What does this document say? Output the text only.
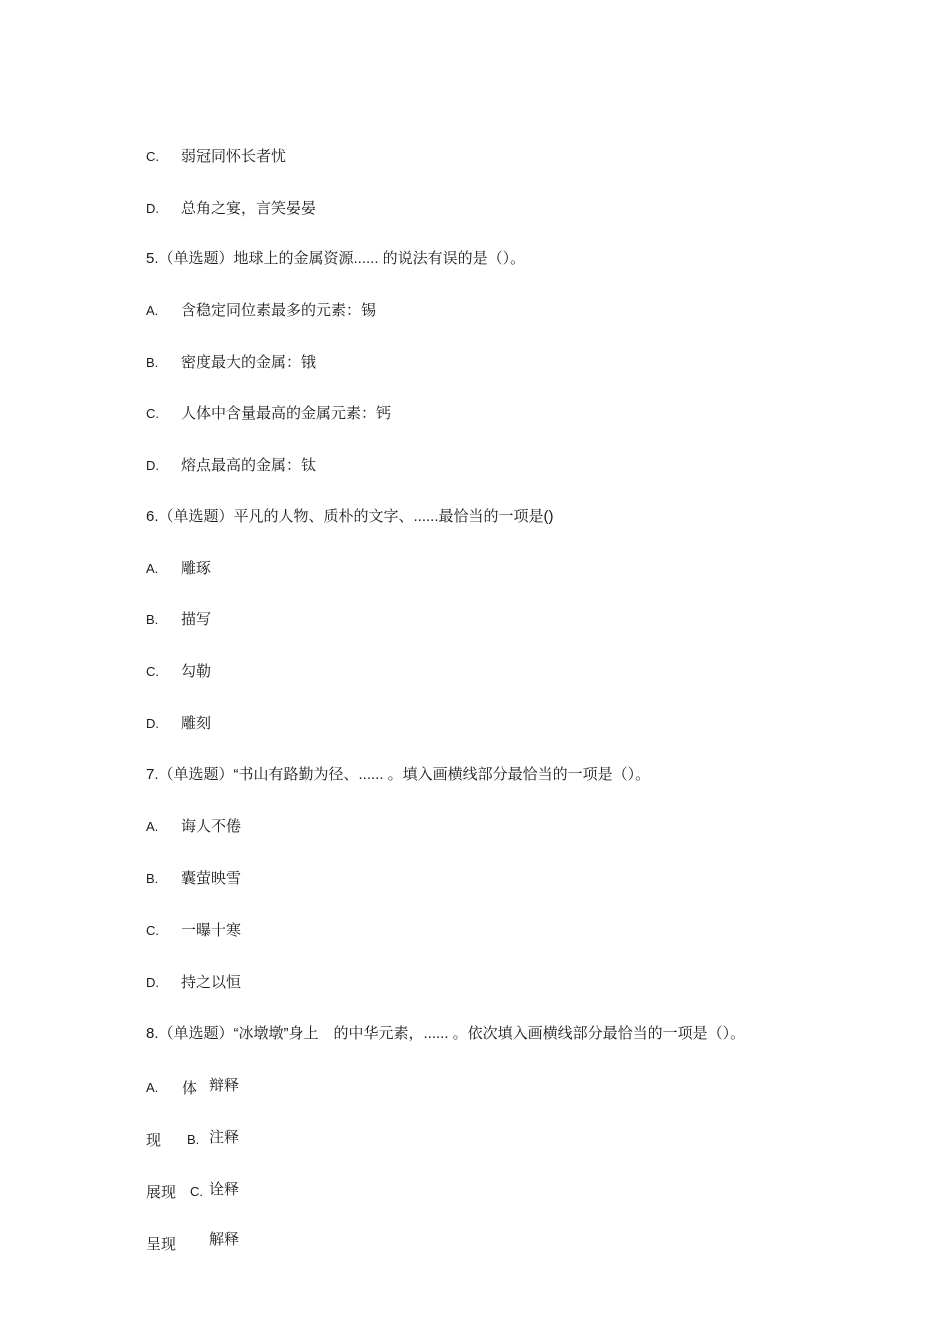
C. 弱冠同怀长者忧
D. 总角之宴，言笑晏晏
5.（单选题）地球上的金属资源...... 的说法有误的是（）。
A. 含稳定同位素最多的元素：锡
B. 密度最大的金属：锇
C. 人体中含量最高的金属元素：钙
D. 熔点最高的金属：钛
6.（单选题）平凡的人物、质朴的文字、......最恰当的一项是()
A. 雕琢
B. 描写
C. 勾勒
D. 雕刻
7.（单选题）“书山有路勤为径、...... 。填入画横线部分最恰当的一项是（）。
A. 诲人不倦
B. 囊萤映雪
C. 一曝十寒
D. 持之以恒
8.（单选题）“冰墩墩”身上　的中华元素，...... 。依次填入画横线部分最恰当的一项是（）。
A.
B.
C.
体
现
展现
呈现
辩释
注释
诠释
解释
